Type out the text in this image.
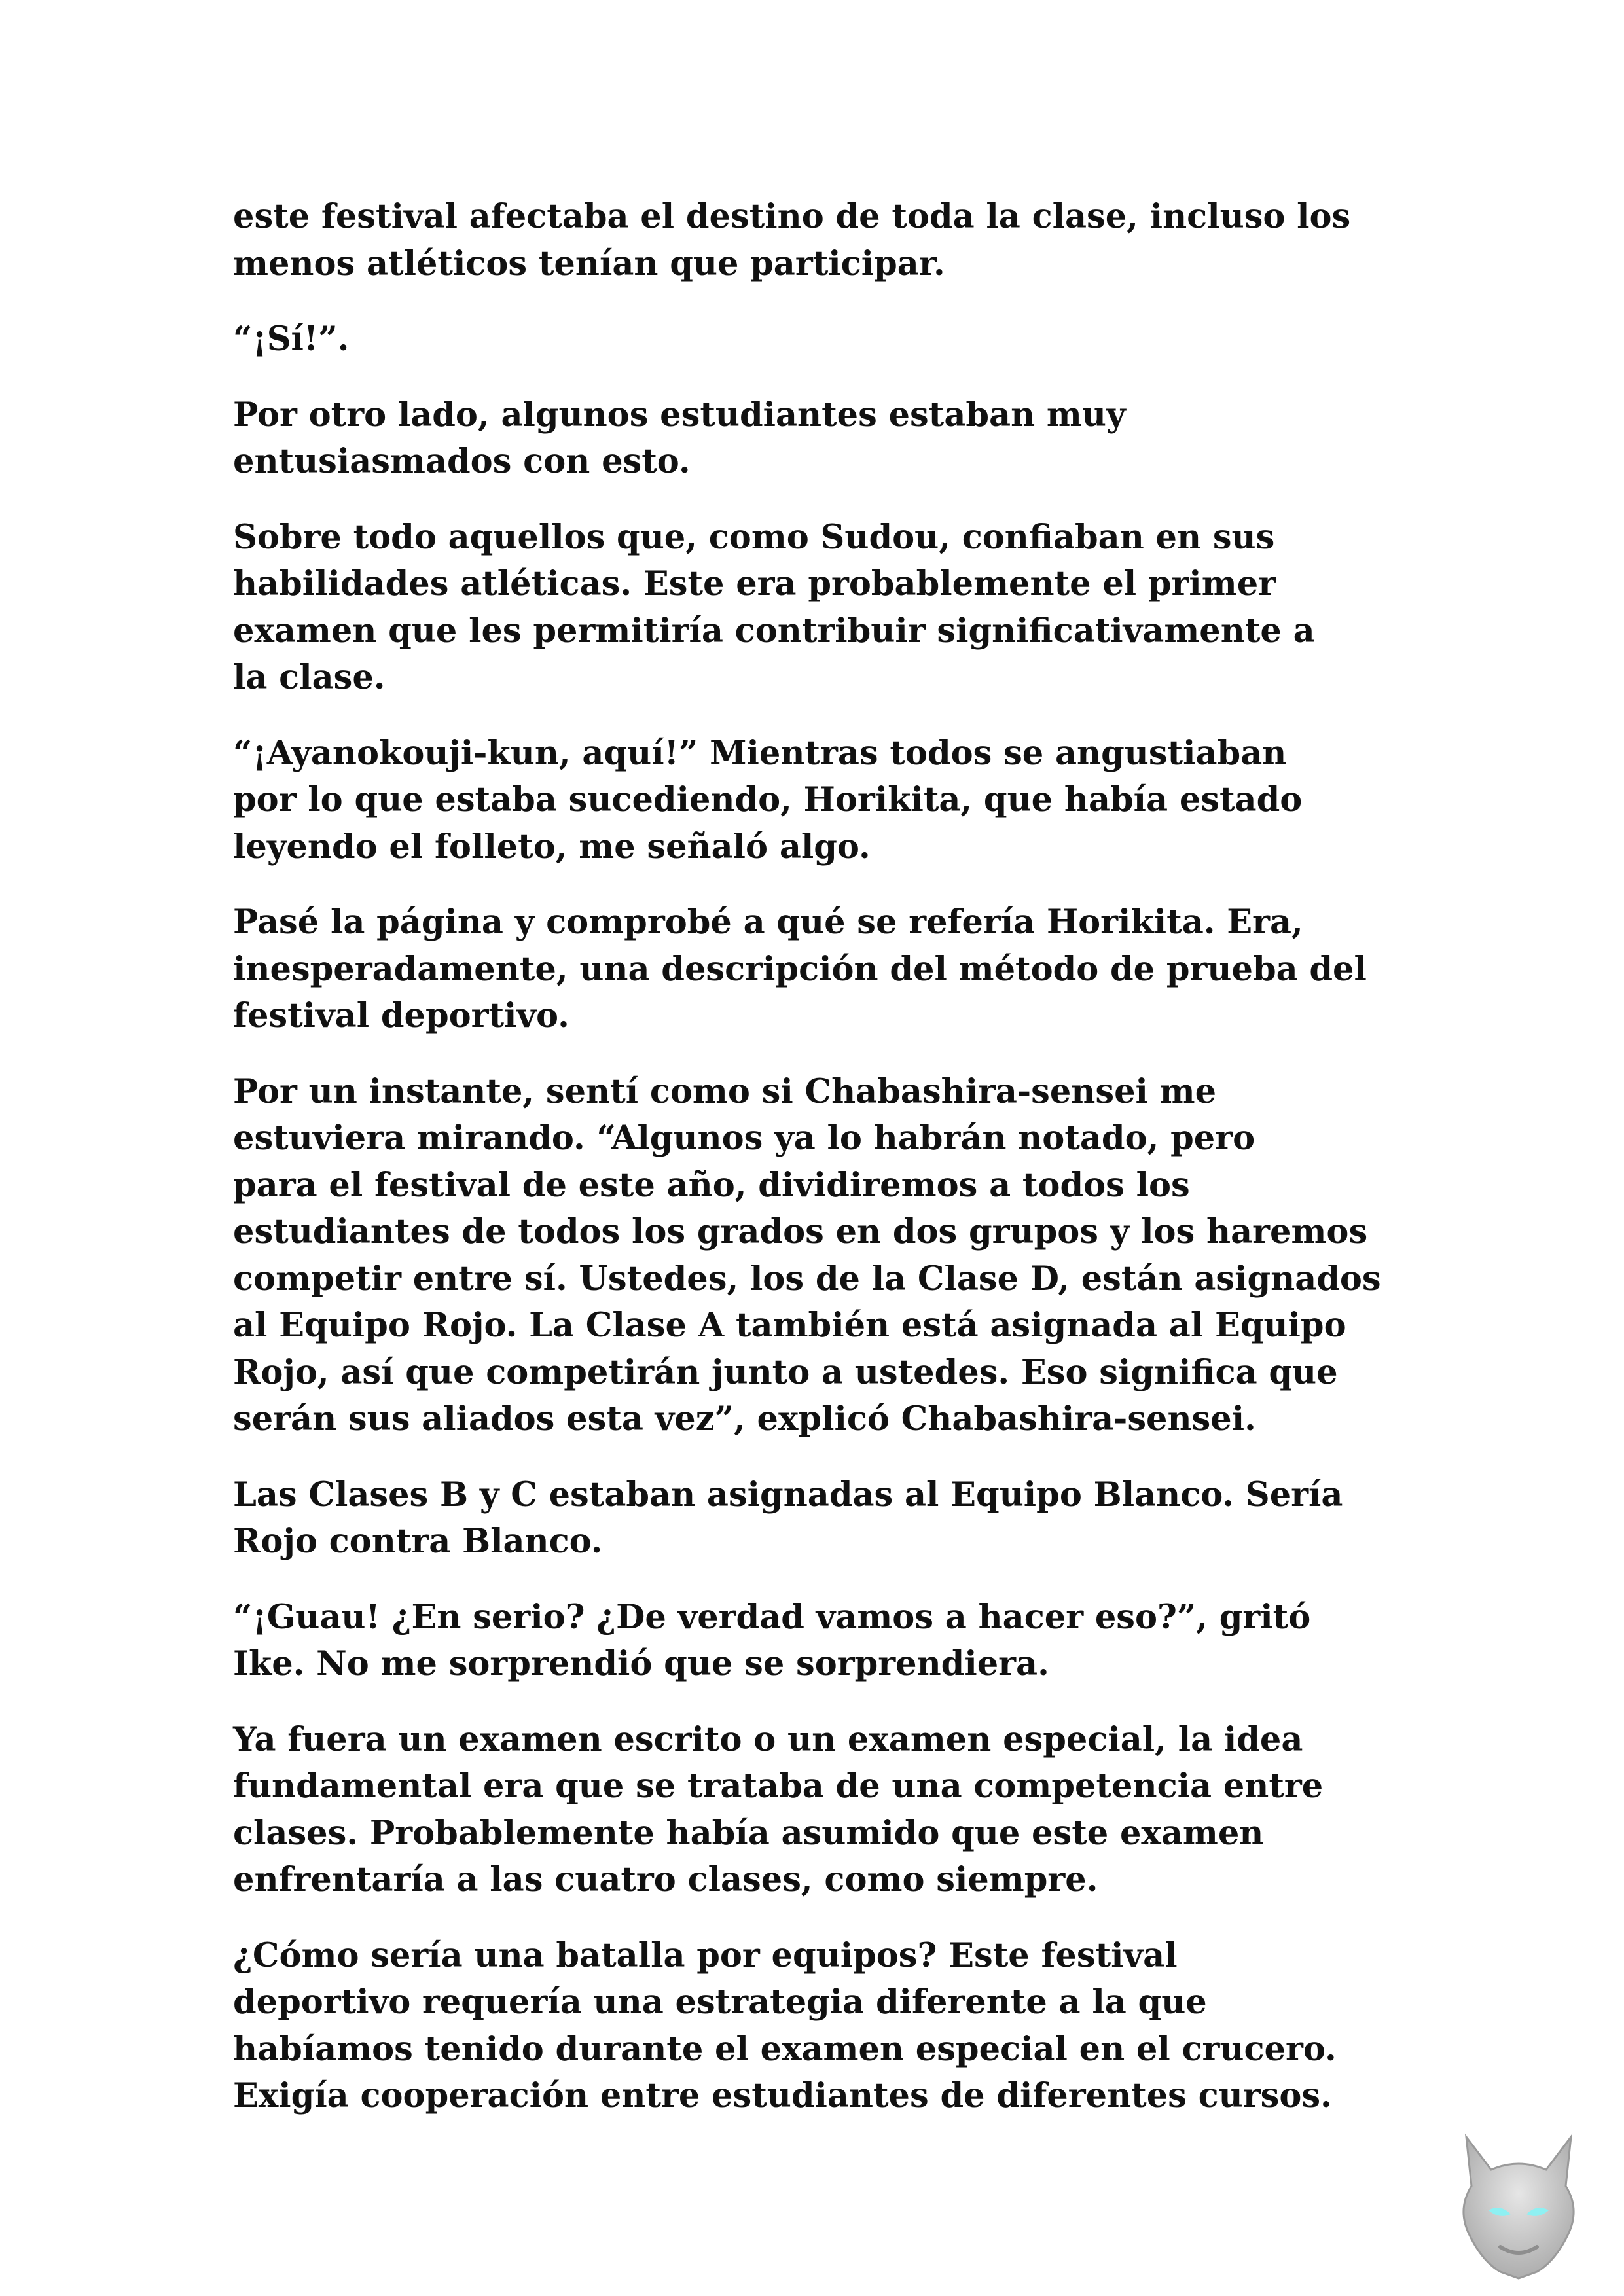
este festival afectaba el destino de toda la clase, incluso los
menos atléticos tenían que participar.
“¡Sí!”.
Por otro lado, algunos estudiantes estaban muy
entusiasmados con esto.
Sobre todo aquellos que, como Sudou, confiaban en sus
habilidades atléticas. Este era probablemente el primer
examen que les permitiría contribuir significativamente a
la clase.
“¡Ayanokouji-kun, aquí!” Mientras todos se angustiaban
por lo que estaba sucediendo, Horikita, que había estado
leyendo el folleto, me señaló algo.
Pasé la página y comprobé a qué se refería Horikita. Era,
inesperadamente, una descripción del método de prueba del
festival deportivo.
Por un instante, sentí como si Chabashira-sensei me
estuviera mirando. “Algunos ya lo habrán notado, pero
para el festival de este año, dividiremos a todos los
estudiantes de todos los grados en dos grupos y los haremos
competir entre sí. Ustedes, los de la Clase D, están asignados
al Equipo Rojo. La Clase A también está asignada al Equipo
Rojo, así que competirán junto a ustedes. Eso significa que
serán sus aliados esta vez”, explicó Chabashira-sensei.
Las Clases B y C estaban asignadas al Equipo Blanco. Sería
Rojo contra Blanco.
“¡Guau! ¿En serio? ¿De verdad vamos a hacer eso?”, gritó
Ike. No me sorprendió que se sorprendiera.
Ya fuera un examen escrito o un examen especial, la idea
fundamental era que se trataba de una competencia entre
clases. Probablemente había asumido que este examen
enfrentaría a las cuatro clases, como siempre.
¿Cómo sería una batalla por equipos? Este festival
deportivo requería una estrategia diferente a la que
habíamos tenido durante el examen especial en el crucero.
Exigía cooperación entre estudiantes de diferentes cursos.
